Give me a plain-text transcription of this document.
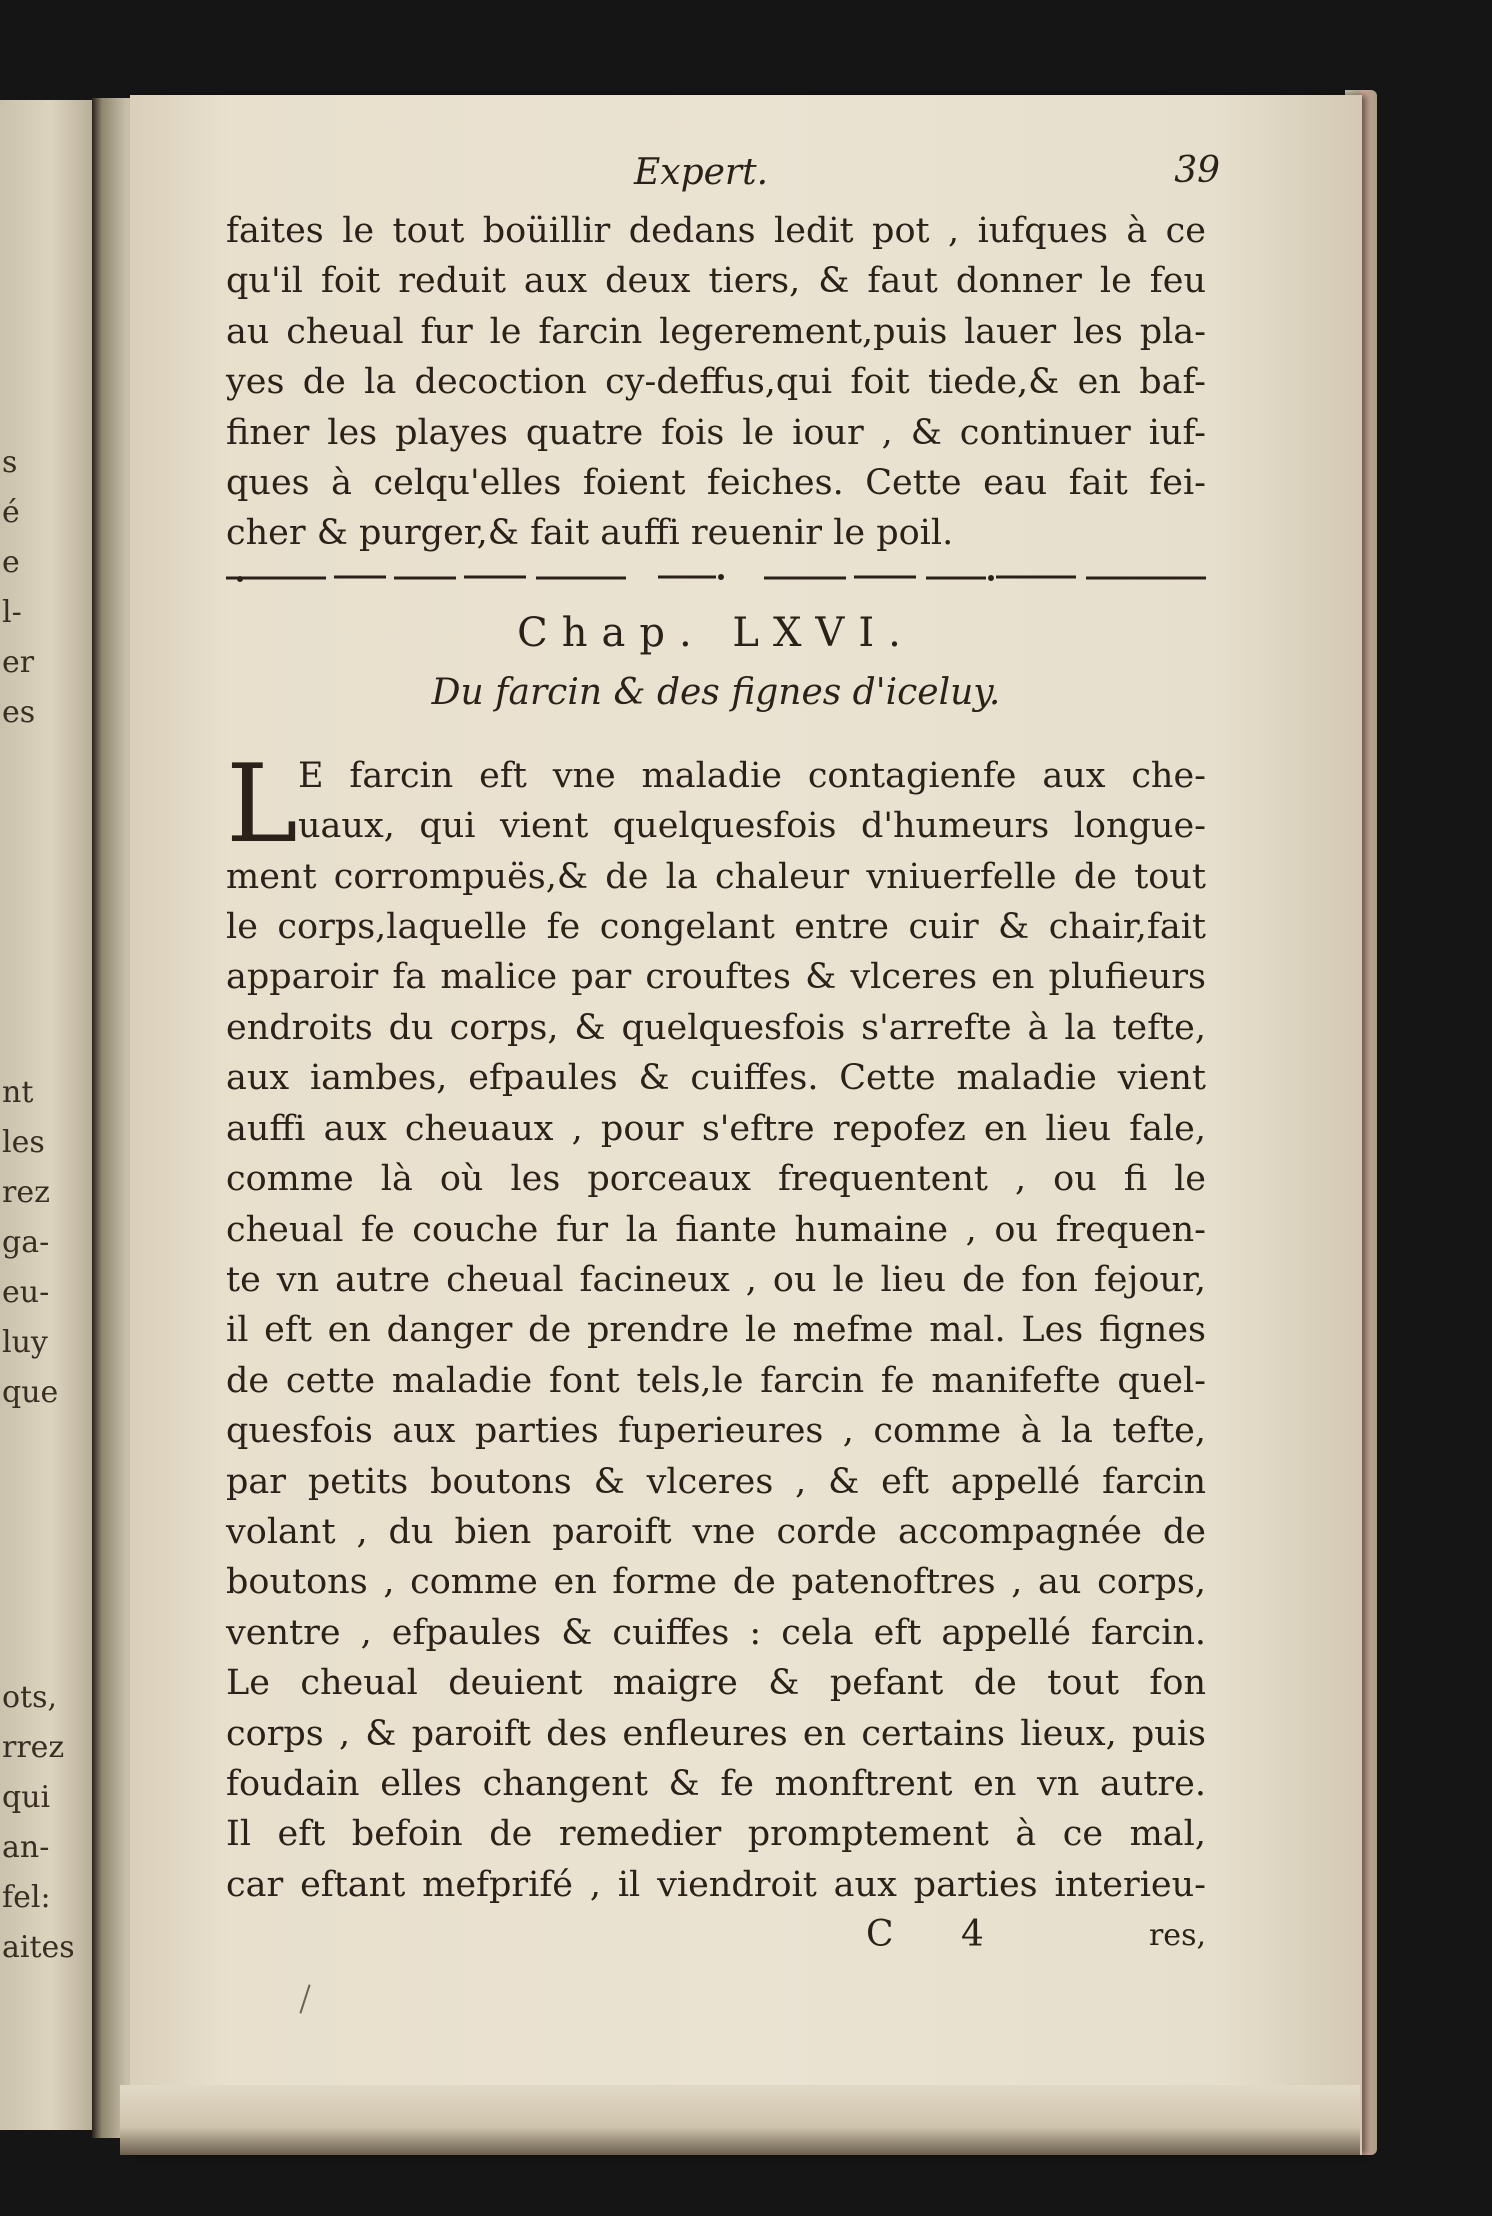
s
é
e
l-
er
es
nt
les
rez
ga-
eu-
luy
que
ots,
rrez
qui
an-
fel:
aites
Expert.	39
faites le tout boüillir dedans ledit pot , iufques à ce
qu'il foit reduit aux deux tiers, & faut donner le feu
au cheual fur le farcin legerement,puis lauer les pla-
yes de la decoction cy-deffus,qui foit tiede,& en baf-
finer les playes quatre fois le iour , & continuer iuf-
ques à celqu'elles foient feiches. Cette eau fait fei-
cher & purger,& fait auffi reuenir le poil.
Chap. LXVI.
Du farcin & des fignes d'iceluy.
L E farcin eft vne maladie contagienfe aux che-
uaux, qui vient quelquesfois d'humeurs longue-
ment corrompuës,& de la chaleur vniuerfelle de tout
le corps,laquelle fe congelant entre cuir & chair,fait
apparoir fa malice par crouftes & vlceres en plufieurs
endroits du corps, & quelquesfois s'arrefte à la tefte,
aux iambes, efpaules & cuiffes. Cette maladie vient
auffi aux cheuaux , pour s'eftre repofez en lieu fale,
comme là où les porceaux frequentent , ou fi le
cheual fe couche fur la fiante humaine , ou frequen-
te vn autre cheual facineux , ou le lieu de fon fejour,
il eft en danger de prendre le mefme mal. Les fignes
de cette maladie font tels,le farcin fe manifefte quel-
quesfois aux parties fuperieures , comme à la tefte,
par petits boutons & vlceres , & eft appellé farcin
volant , du bien paroift vne corde accompagnée de
boutons , comme en forme de patenoftres , au corps,
ventre , efpaules & cuiffes : cela eft appellé farcin.
Le cheual deuient maigre & pefant de tout fon
corps , & paroift des enfleures en certains lieux, puis
foudain elles changent & fe monftrent en vn autre.
Il eft befoin de remedier promptement à ce mal,
car eftant mefprifé , il viendroit aux parties interieu-
C 4	res,
